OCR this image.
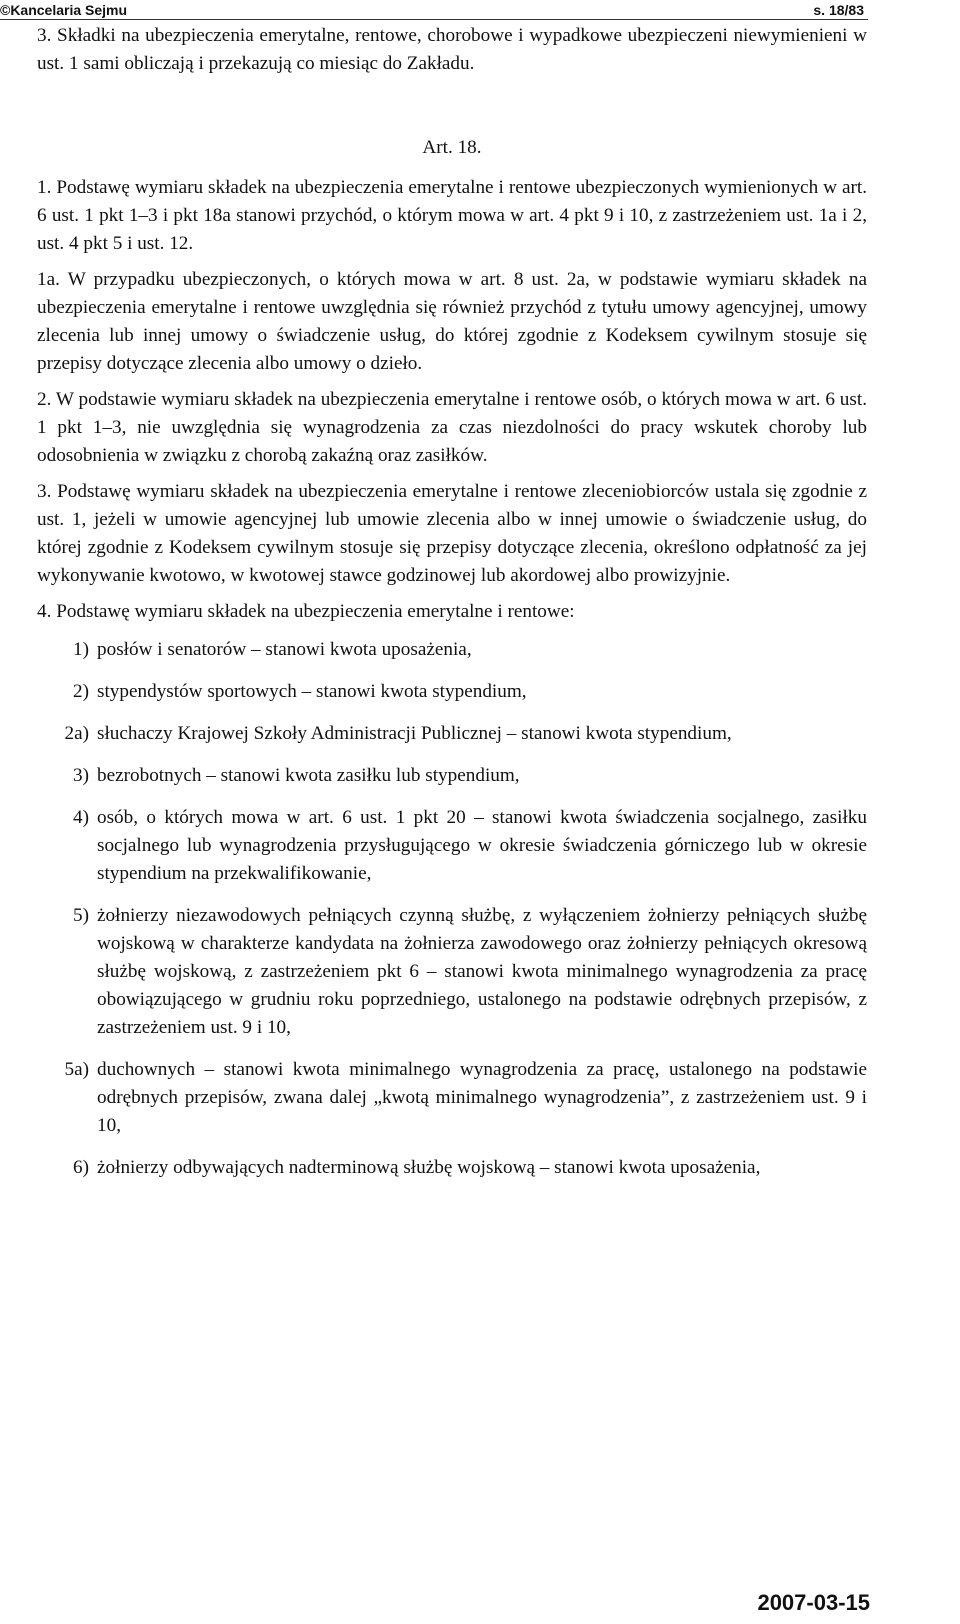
©Kancelaria Sejmu	s. 18/83

3. Składki na ubezpieczenia emerytalne, rentowe, chorobowe i wypadkowe ubezpieczeni niewymienieni w ust. 1 sami obliczają i przekazują co miesiąc do Zakładu.

Art. 18.

1. Podstawę wymiaru składek na ubezpieczenia emerytalne i rentowe ubezpieczonych wymienionych w art. 6 ust. 1 pkt 1–3 i pkt 18a stanowi przychód, o którym mowa w art. 4 pkt 9 i 10, z zastrzeżeniem ust. 1a i 2, ust. 4 pkt 5 i ust. 12.

1a. W przypadku ubezpieczonych, o których mowa w art. 8 ust. 2a, w podstawie wymiaru składek na ubezpieczenia emerytalne i rentowe uwzględnia się również przychód z tytułu umowy agencyjnej, umowy zlecenia lub innej umowy o świadczenie usług, do której zgodnie z Kodeksem cywilnym stosuje się przepisy dotyczące zlecenia albo umowy o dzieło.

2. W podstawie wymiaru składek na ubezpieczenia emerytalne i rentowe osób, o których mowa w art. 6 ust. 1 pkt 1–3, nie uwzględnia się wynagrodzenia za czas niezdolności do pracy wskutek choroby lub odosobnienia w związku z chorobą zakaźną oraz zasiłków.

3. Podstawę wymiaru składek na ubezpieczenia emerytalne i rentowe zleceniobiorców ustala się zgodnie z ust. 1, jeżeli w umowie agencyjnej lub umowie zlecenia albo w innej umowie o świadczenie usług, do której zgodnie z Kodeksem cywilnym stosuje się przepisy dotyczące zlecenia, określono odpłatność za jej wykonywanie kwotowo, w kwotowej stawce godzinowej lub akordowej albo prowizyjnie.

4. Podstawę wymiaru składek na ubezpieczenia emerytalne i rentowe:

1) posłów i senatorów – stanowi kwota uposażenia,
2) stypendystów sportowych – stanowi kwota stypendium,
2a) słuchaczy Krajowej Szkoły Administracji Publicznej – stanowi kwota stypendium,
3) bezrobotnych – stanowi kwota zasiłku lub stypendium,
4) osób, o których mowa w art. 6 ust. 1 pkt 20 – stanowi kwota świadczenia socjalnego, zasiłku socjalnego lub wynagrodzenia przysługującego w okresie świadczenia górniczego lub w okresie stypendium na przekwalifikowanie,
5) żołnierzy niezawodowych pełniących czynną służbę, z wyłączeniem żołnierzy pełniących służbę wojskową w charakterze kandydata na żołnierza zawodowego oraz żołnierzy pełniących okresową służbę wojskową, z zastrzeżeniem pkt 6 – stanowi kwota minimalnego wynagrodzenia za pracę obowiązującego w grudniu roku poprzedniego, ustalonego na podstawie odrębnych przepisów, z zastrzeżeniem ust. 9 i 10,
5a) duchownych – stanowi kwota minimalnego wynagrodzenia za pracę, ustalonego na podstawie odrębnych przepisów, zwana dalej „kwotą minimalnego wynagrodzenia”, z zastrzeżeniem ust. 9 i 10,
6) żołnierzy odbywających nadterminową służbę wojskową – stanowi kwota uposażenia,
2007-03-15
